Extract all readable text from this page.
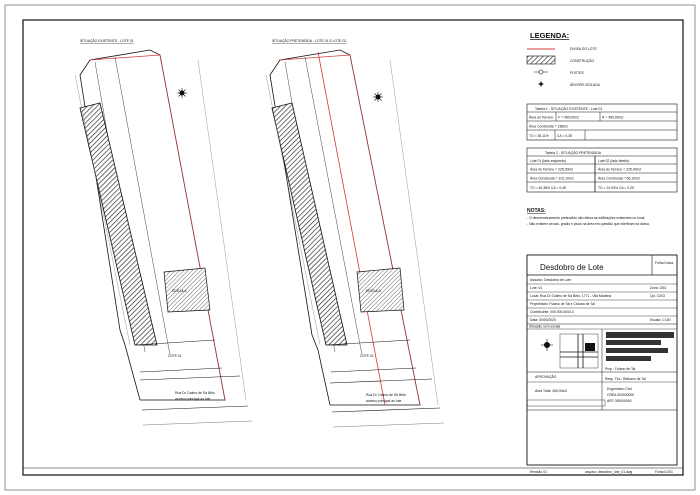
SITUAÇÃO EXISTENTE - LOTE 01
EDÍCULA
LOTE 01
Rua Dr. Dalmo de Sá Brito
acesso principal ao lote
SITUAÇÃO PRETENDIDA - LOTE 01 E LOTE 02
EDÍCULA
LOTE 01
Rua Dr. Dalmo de Sá Brito
acesso principal ao lote
LEGENDA:
DIVISA DO LOTE
CONSTRUÇÃO
POSTES
ÁRVORE ISOLADA
Tabela 1 - SITUAÇÃO EXISTENTE - Lote 01
Área do Terreno F = 450,00m2	R = 450,00m2
Área Construída = 158m2
TO = 35,11% CA = 0,35
Tabela 2 - SITUAÇÃO PRETENDIDA
Lote 01 (lado esquerdo)	Lote 02 (lado direito)
Área do Terreno = 225,00m2	Área do Terreno = 225,00m2
Área Construída = 102,10m2	Área Construída = 56,10m2
TO = 45,38% CA = 0,45	TO = 24,93% CA = 0,25
NOTAS:
- O desmembramento pretendido não altera as edificações existentes no local.
- Não existem cercas, gradis e pisos na área em questão que interfiram na divisa.
Desdobro de Lote	Folha Única
Assunto: Desdobro de Lote
Lote: 01	Zona: ZM1
Local: Rua Dr. Dalmo de Sá Brito, 1771 - Vila Mariana	Qd.: 0203
Proprietário: Fulano de Tal e Ciclana de Tal
Contribuinte: 000.000.0000-0
Data: 00/00/2020	Escala: 1:100
Situação sem escala
Prop.: Fulano de Tal
APROVAÇÃO
Área Total: 450,00m2
Resp. Téc.: Beltrano de Tal
Engenheiro Civil
CREA 000000000
ART 000000000
Revisão 01	arquivo: desdobro_lote_01.dwg	Folha 01/01
